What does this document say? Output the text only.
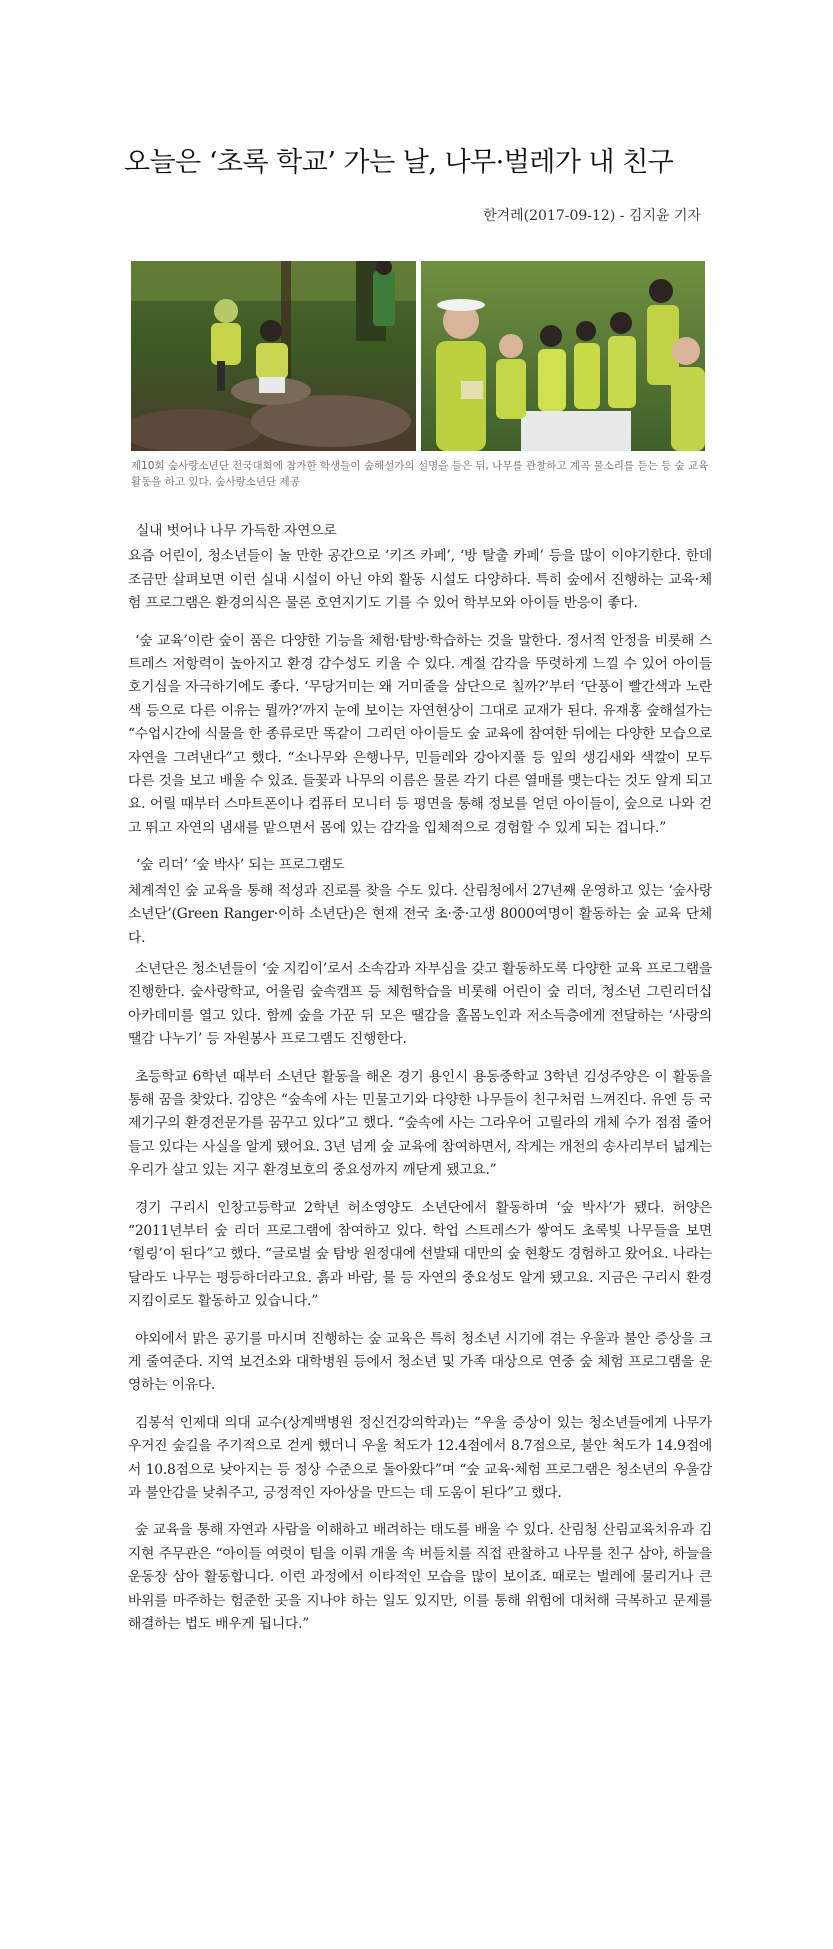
오늘은 ‘초록 학교’ 가는 날, 나무·벌레가 내 친구
한겨레(2017-09-12) - 김지윤 기자

제10회 숲사랑소년단 전국대회에 참가한 학생들이 숲해설가의 설명을 들은 뒤, 나무를 관찰하고 계곡 물소리를 듣는 등 숲 교육 활동을 하고 있다. 숲사랑소년단 제공

실내 벗어나 나무 가득한 자연으로

요즘 어린이, 청소년들이 놀 만한 공간으로 ‘키즈 카페’, ‘방 탈출 카페’ 등을 많이 이야기한다. 한데 조금만 살펴보면 이런 실내 시설이 아닌 야외 활동 시설도 다양하다. 특히 숲에서 진행하는 교육·체험 프로그램은 환경의식은 물론 호연지기도 기를 수 있어 학부모와 아이들 반응이 좋다.

‘숲 교육’이란 숲이 품은 다양한 기능을 체험·탐방·학습하는 것을 말한다. 정서적 안정을 비롯해 스트레스 저항력이 높아지고 환경 감수성도 키울 수 있다. 계절 감각을 뚜렷하게 느낄 수 있어 아이들 호기심을 자극하기에도 좋다. ‘무당거미는 왜 거미줄을 삼단으로 칠까?’부터 ‘단풍이 빨간색과 노란색 등으로 다른 이유는 뭘까?’까지 눈에 보이는 자연현상이 그대로 교재가 된다. 유재홍 숲해설가는 “수업시간에 식물을 한 종류로만 똑같이 그리던 아이들도 숲 교육에 참여한 뒤에는 다양한 모습으로 자연을 그려낸다”고 했다. “소나무와 은행나무, 민들레와 강아지풀 등 잎의 생김새와 색깔이 모두 다른 것을 보고 배울 수 있죠. 들꽃과 나무의 이름은 물론 각기 다른 열매를 맺는다는 것도 알게 되고요. 어릴 때부터 스마트폰이나 컴퓨터 모니터 등 평면을 통해 정보를 얻던 아이들이, 숲으로 나와 걷고 뛰고 자연의 냄새를 맡으면서 몸에 있는 감각을 입체적으로 경험할 수 있게 되는 겁니다.”

‘숲 리더’ ‘숲 박사’ 되는 프로그램도

체계적인 숲 교육을 통해 적성과 진로를 찾을 수도 있다. 산림청에서 27년째 운영하고 있는 ‘숲사랑소년단’(Green Ranger·이하 소년단)은 현재 전국 초·중·고생 8000여명이 활동하는 숲 교육 단체다.

소년단은 청소년들이 ‘숲 지킴이’로서 소속감과 자부심을 갖고 활동하도록 다양한 교육 프로그램을 진행한다. 숲사랑학교, 어울림 숲속캠프 등 체험학습을 비롯해 어린이 숲 리더, 청소년 그린리더십 아카데미를 열고 있다. 함께 숲을 가꾼 뒤 모은 땔감을 홀몸노인과 저소득층에게 전달하는 ‘사랑의 땔감 나누기’ 등 자원봉사 프로그램도 진행한다.

초등학교 6학년 때부터 소년단 활동을 해온 경기 용인시 용동중학교 3학년 김성주양은 이 활동을 통해 꿈을 찾았다. 김양은 “숲속에 사는 민물고기와 다양한 나무들이 친구처럼 느껴진다. 유엔 등 국제기구의 환경전문가를 꿈꾸고 있다”고 했다. “숲속에 사는 그라우어 고릴라의 개체 수가 점점 줄어들고 있다는 사실을 알게 됐어요. 3년 넘게 숲 교육에 참여하면서, 작게는 개천의 송사리부터 넓게는 우리가 살고 있는 지구 환경보호의 중요성까지 깨닫게 됐고요.”

경기 구리시 인창고등학교 2학년 허소영양도 소년단에서 활동하며 ‘숲 박사’가 됐다. 허양은 “2011년부터 숲 리더 프로그램에 참여하고 있다. 학업 스트레스가 쌓여도 초록빛 나무들을 보면 ‘힐링’이 된다”고 했다. “글로벌 숲 탐방 원정대에 선발돼 대만의 숲 현황도 경험하고 왔어요. 나라는 달라도 나무는 평등하더라고요. 흙과 바람, 물 등 자연의 중요성도 알게 됐고요. 지금은 구리시 환경지킴이로도 활동하고 있습니다.”

야외에서 맑은 공기를 마시며 진행하는 숲 교육은 특히 청소년 시기에 겪는 우울과 불안 증상을 크게 줄여준다. 지역 보건소와 대학병원 등에서 청소년 및 가족 대상으로 연중 숲 체험 프로그램을 운영하는 이유다.

김봉석 인제대 의대 교수(상계백병원 정신건강의학과)는 “우울 증상이 있는 청소년들에게 나무가 우거진 숲길을 주기적으로 걷게 했더니 우울 척도가 12.4점에서 8.7점으로, 불안 척도가 14.9점에서 10.8점으로 낮아지는 등 정상 수준으로 돌아왔다”며 “숲 교육·체험 프로그램은 청소년의 우울감과 불안감을 낮춰주고, 긍정적인 자아상을 만드는 데 도움이 된다”고 했다.

숲 교육을 통해 자연과 사람을 이해하고 배려하는 태도를 배울 수 있다. 산림청 산림교육치유과 김지현 주무관은 “아이들 여럿이 팀을 이뤄 개울 속 버들치를 직접 관찰하고 나무를 친구 삼아, 하늘을 운동장 삼아 활동합니다. 이런 과정에서 이타적인 모습을 많이 보이죠. 때로는 벌레에 물리거나 큰 바위를 마주하는 험준한 곳을 지나야 하는 일도 있지만, 이를 통해 위험에 대처해 극복하고 문제를 해결하는 법도 배우게 됩니다.”
